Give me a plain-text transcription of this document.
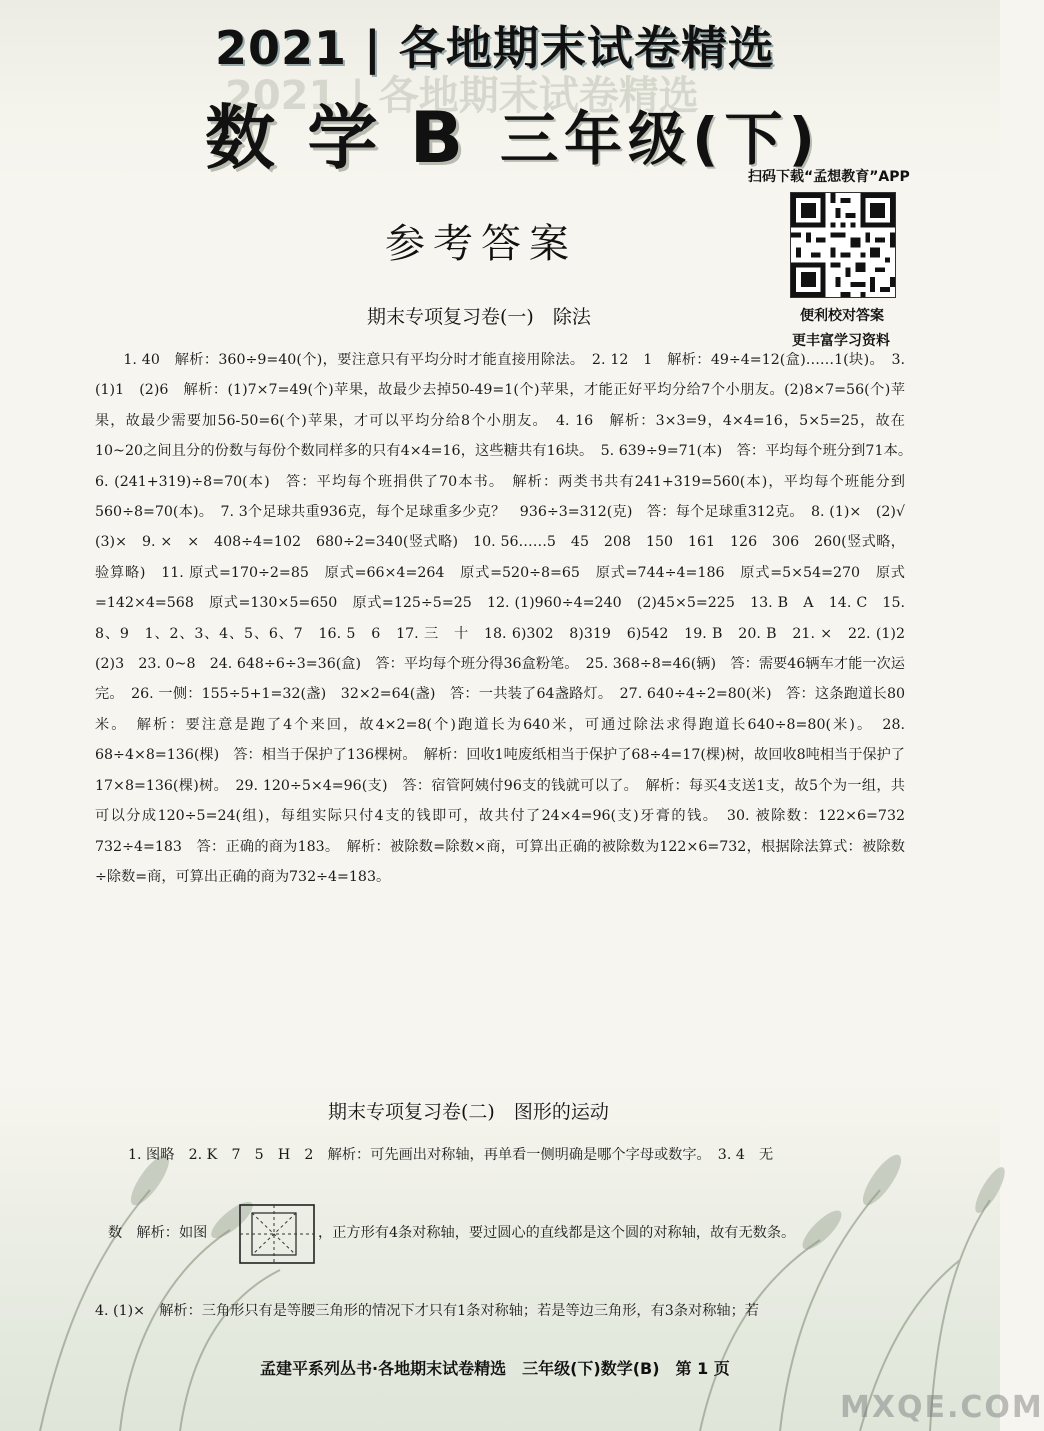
2021 | 各地期末试卷精选
2021 | 各地期末试卷精选
数 学 B 三年级(下)
扫码下载“孟想教育”APP
便利校对答案
更丰富学习资料
参考答案
期末专项复习卷(一)　除法
1. 40　解析：360÷9=40(个)，要注意只有平均分时才能直接用除法。　2. 12　1　解析：49÷4=12(盒)……1(块)。　3. (1)1　(2)6　解析：(1)7×7=49(个)苹果，故最少去掉50-49=1(个)苹果，才能正好平均分给7个小朋友。(2)8×7=56(个)苹果，故最少需要加56-50=6(个)苹果，才可以平均分给8个小朋友。　4. 16　解析：3×3=9，4×4=16，5×5=25，故在10~20之间且分的份数与每份个数同样多的只有4×4=16，这些糖共有16块。　5. 639÷9=71(本)　答：平均每个班分到71本。　6. (241+319)÷8=70(本)　答：平均每个班捐供了70本书。　解析：两类书共有241+319=560(本)，平均每个班能分到560÷8=70(本)。　7. 3个足球共重936克，每个足球重多少克？　936÷3=312(克)　答：每个足球重312克。　8. (1)×　(2)√　(3)×　9. ×　×　408÷4=102　680÷2=340(竖式略)　10. 56……5　45　208　150　161　126　306　260(竖式略，验算略)　11. 原式=170÷2=85　原式=66×4=264　原式=520÷8=65　原式=744÷4=186　原式=5×54=270　原式=142×4=568　原式=130×5=650　原式=125÷5=25　12. (1)960÷4=240　(2)45×5=225　13. B　A　14. C　15. 8、9　1、2、3、4、5、6、7　16. 5　6　17. 三　十　18. 6)302　8)319　6)542　19. B　20. B　21. ×　22. (1)2　(2)3　23. 0~8　24. 648÷6÷3=36(盒)　答：平均每个班分得36盒粉笔。　25. 368÷8=46(辆)　答：需要46辆车才能一次运完。　26. 一侧：155÷5+1=32(盏)　32×2=64(盏)　答：一共装了64盏路灯。　27. 640÷4÷2=80(米)　答：这条跑道长80米。　解析：要注意是跑了4个来回，故4×2=8(个)跑道长为640米，可通过除法求得跑道长640÷8=80(米)。　28. 68÷4×8=136(棵)　答：相当于保护了136棵树。　解析：回收1吨废纸相当于保护了68÷4=17(棵)树，故回收8吨相当于保护了17×8=136(棵)树。　29. 120÷5×4=96(支)　答：宿管阿姨付96支的钱就可以了。　解析：每买4支送1支，故5个为一组，共可以分成120÷5=24(组)，每组实际只付4支的钱即可，故共付了24×4=96(支)牙膏的钱。　30. 被除数：122×6=732　732÷4=183　答：正确的商为183。　解析：被除数=除数×商，可算出正确的被除数为122×6=732，根据除法算式：被除数÷除数=商，可算出正确的商为732÷4=183。
期末专项复习卷(二)　图形的运动
1. 图略　2. K　7　5　H　2　解析：可先画出对称轴，再单看一侧明确是哪个字母或数字。　3. 4　无
数　解析：如图	，正方形有4条对称轴，要过圆心的直线都是这个圆的对称轴，故有无数条。
4. (1)×　解析：三角形只有是等腰三角形的情况下才只有1条对称轴；若是等边三角形，有3条对称轴；若
孟建平系列丛书·各地期末试卷精选　三年级(下)数学(B)　第 1 页
MXQE.COM
